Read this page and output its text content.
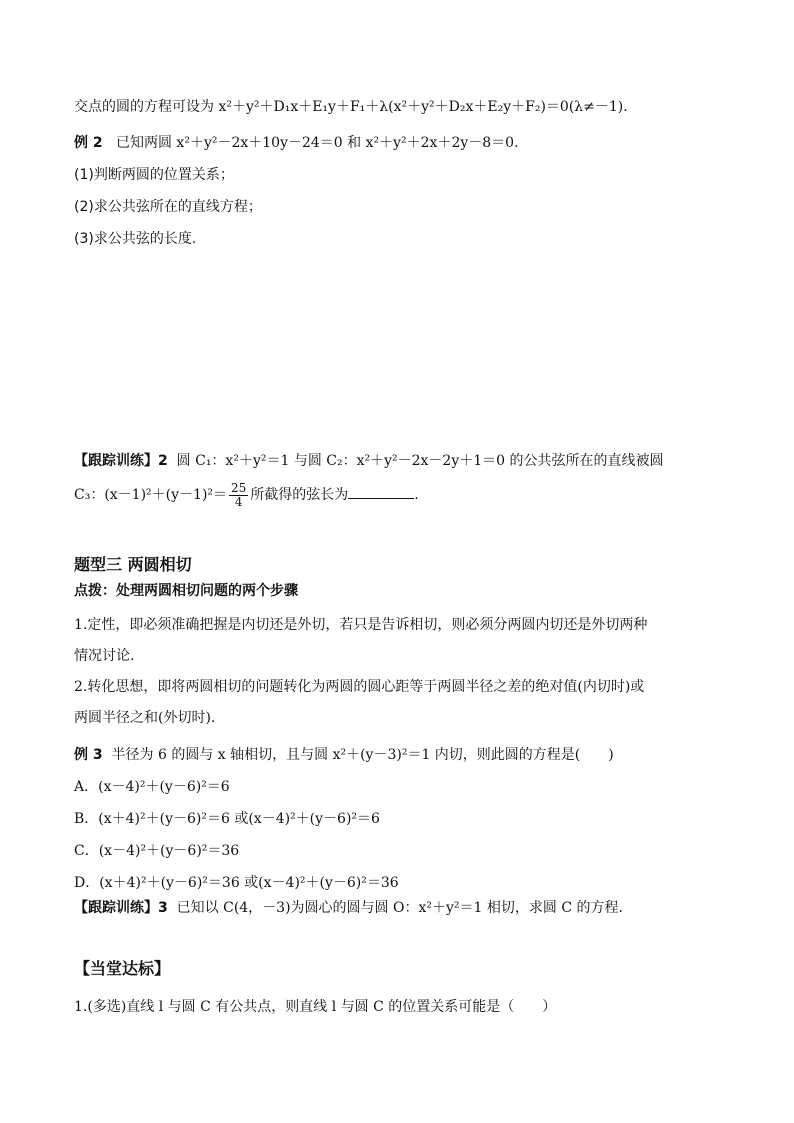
交点的圆的方程可设为 x²＋y²＋D₁x＋E₁y＋F₁＋λ(x²＋y²＋D₂x＋E₂y＋F₂)＝0(λ≠－1)．
例 2 已知两圆 x²＋y²－2x＋10y－24＝0 和 x²＋y²＋2x＋2y－8＝0.
(1)判断两圆的位置关系；
(2)求公共弦所在的直线方程；
(3)求公共弦的长度.
【跟踪训练】2 圆 C₁：x²＋y²＝1 与圆 C₂：x²＋y²－2x－2y＋1＝0 的公共弦所在的直线被圆
C₃：$(x-1)^2+(y-1)^2= \frac{25}{4}$ 所截得的弦长为	.
题型三 两圆相切
点拨：处理两圆相切问题的两个步骤
1.定性，即必须准确把握是内切还是外切，若只是告诉相切，则必须分两圆内切还是外切两种
情况讨论.
2.转化思想，即将两圆相切的问题转化为两圆的圆心距等于两圆半径之差的绝对值(内切时)或
两圆半径之和(外切时).
例 3 半径为 6 的圆与 x 轴相切，且与圆 x²＋(y－3)²＝1 内切，则此圆的方程是(　　)
A．(x－4)²＋(y－6)²＝6
B．(x＋4)²＋(y－6)²＝6 或(x－4)²＋(y－6)²＝6
C．(x－4)²＋(y－6)²＝36
D．(x＋4)²＋(y－6)²＝36 或(x－4)²＋(y－6)²＝36
【跟踪训练】3 已知以 C(4，－3)为圆心的圆与圆 O：x²＋y²＝1 相切，求圆 C 的方程.
【当堂达标】
1.(多选)直线 l 与圆 C 有公共点，则直线 l 与圆 C 的位置关系可能是（　　）
